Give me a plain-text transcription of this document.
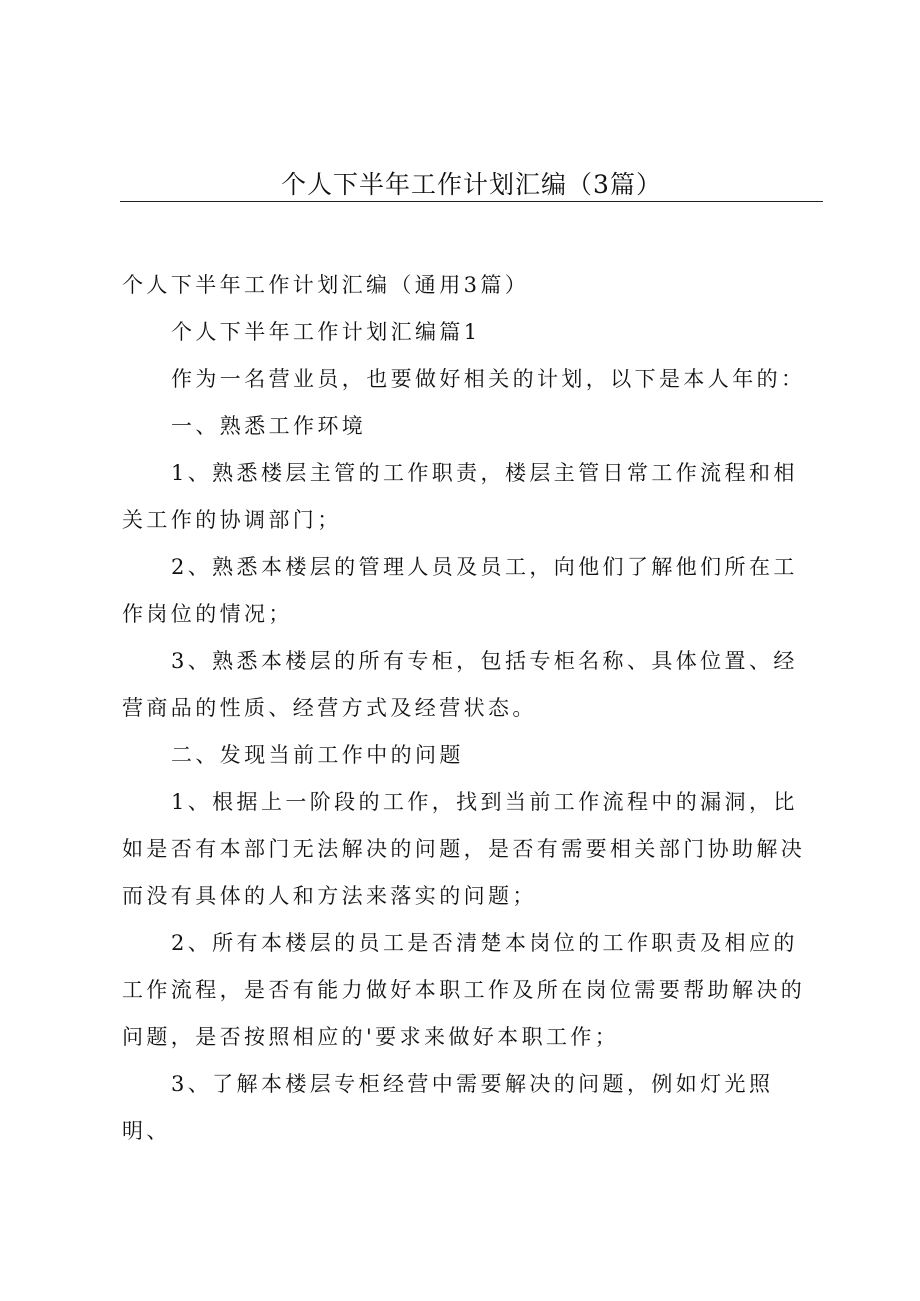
个人下半年工作计划汇编（3篇）

个人下半年工作计划汇编（通用3篇）

个人下半年工作计划汇编篇1

作为一名营业员，也要做好相关的计划，以下是本人年的：

一、熟悉工作环境

1、熟悉楼层主管的工作职责，楼层主管日常工作流程和相关工作的协调部门；

2、熟悉本楼层的管理人员及员工，向他们了解他们所在工作岗位的情况；

3、熟悉本楼层的所有专柜，包括专柜名称、具体位置、经营商品的性质、经营方式及经营状态。

二、发现当前工作中的问题

1、根据上一阶段的工作，找到当前工作流程中的漏洞，比如是否有本部门无法解决的问题，是否有需要相关部门协助解决而没有具体的人和方法来落实的问题；

2、所有本楼层的员工是否清楚本岗位的工作职责及相应的工作流程，是否有能力做好本职工作及所在岗位需要帮助解决的问题，是否按照相应的'要求来做好本职工作；

3、了解本楼层专柜经营中需要解决的问题，例如灯光照明、
